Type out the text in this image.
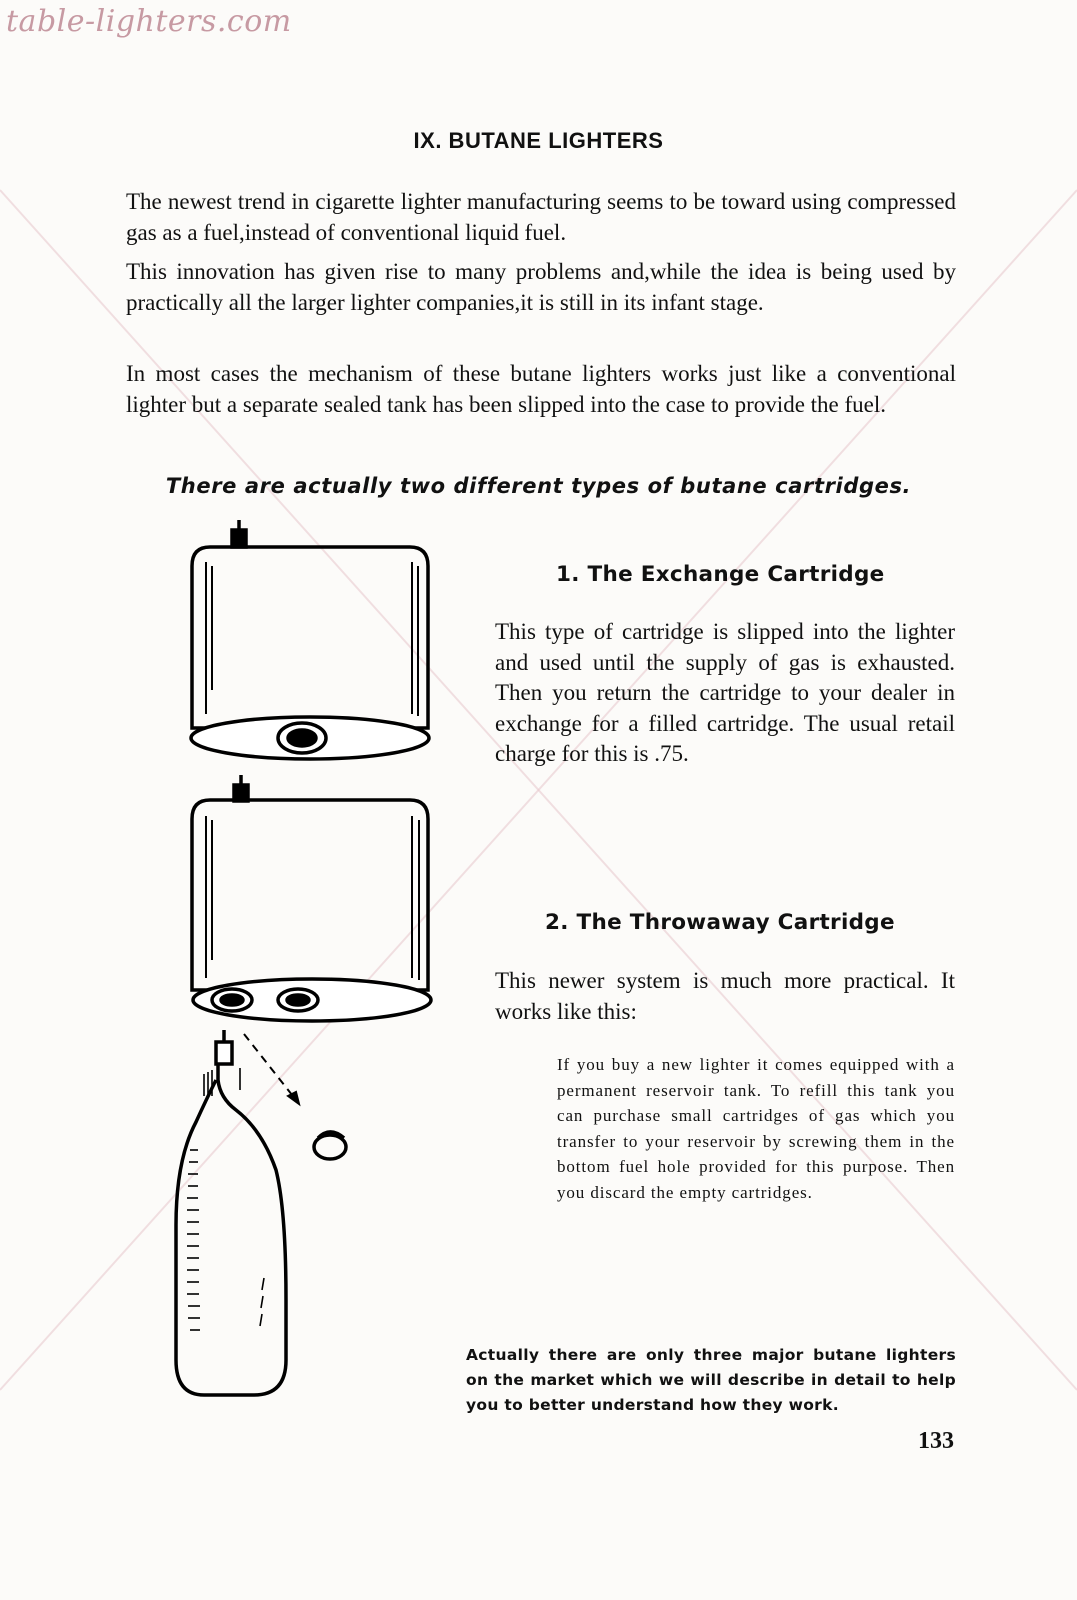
table-lighters.com
IX. BUTANE LIGHTERS

The newest trend in cigarette lighter manufacturing seems to be toward using compressed gas as a fuel,instead of conventional liquid fuel.

This innovation has given rise to many problems and,while the idea is being used by practically all the larger lighter companies,it is still in its infant stage.

In most cases the mechanism of these butane lighters works just like a conventional lighter but a separate sealed tank has been slipped into the case to provide the fuel.

There are actually two different types of butane cartridges.
1. The Exchange Cartridge

This type of cartridge is slipped into the lighter and used until the supply of gas is exhausted. Then you return the cartridge to your dealer in exchange for a filled cartridge. The usual retail charge for this is .75.

2. The Throwaway Cartridge

This newer system is much more practical. It works like this:

If you buy a new lighter it comes equipped with a permanent reservoir tank. To refill this tank you can purchase small cartridges of gas which you transfer to your reservoir by screwing them in the bottom fuel hole provided for this purpose. Then you discard the empty cartridges.

Actually there are only three major butane lighters on the market which we will describe in detail to help you to better understand how they work.

133
